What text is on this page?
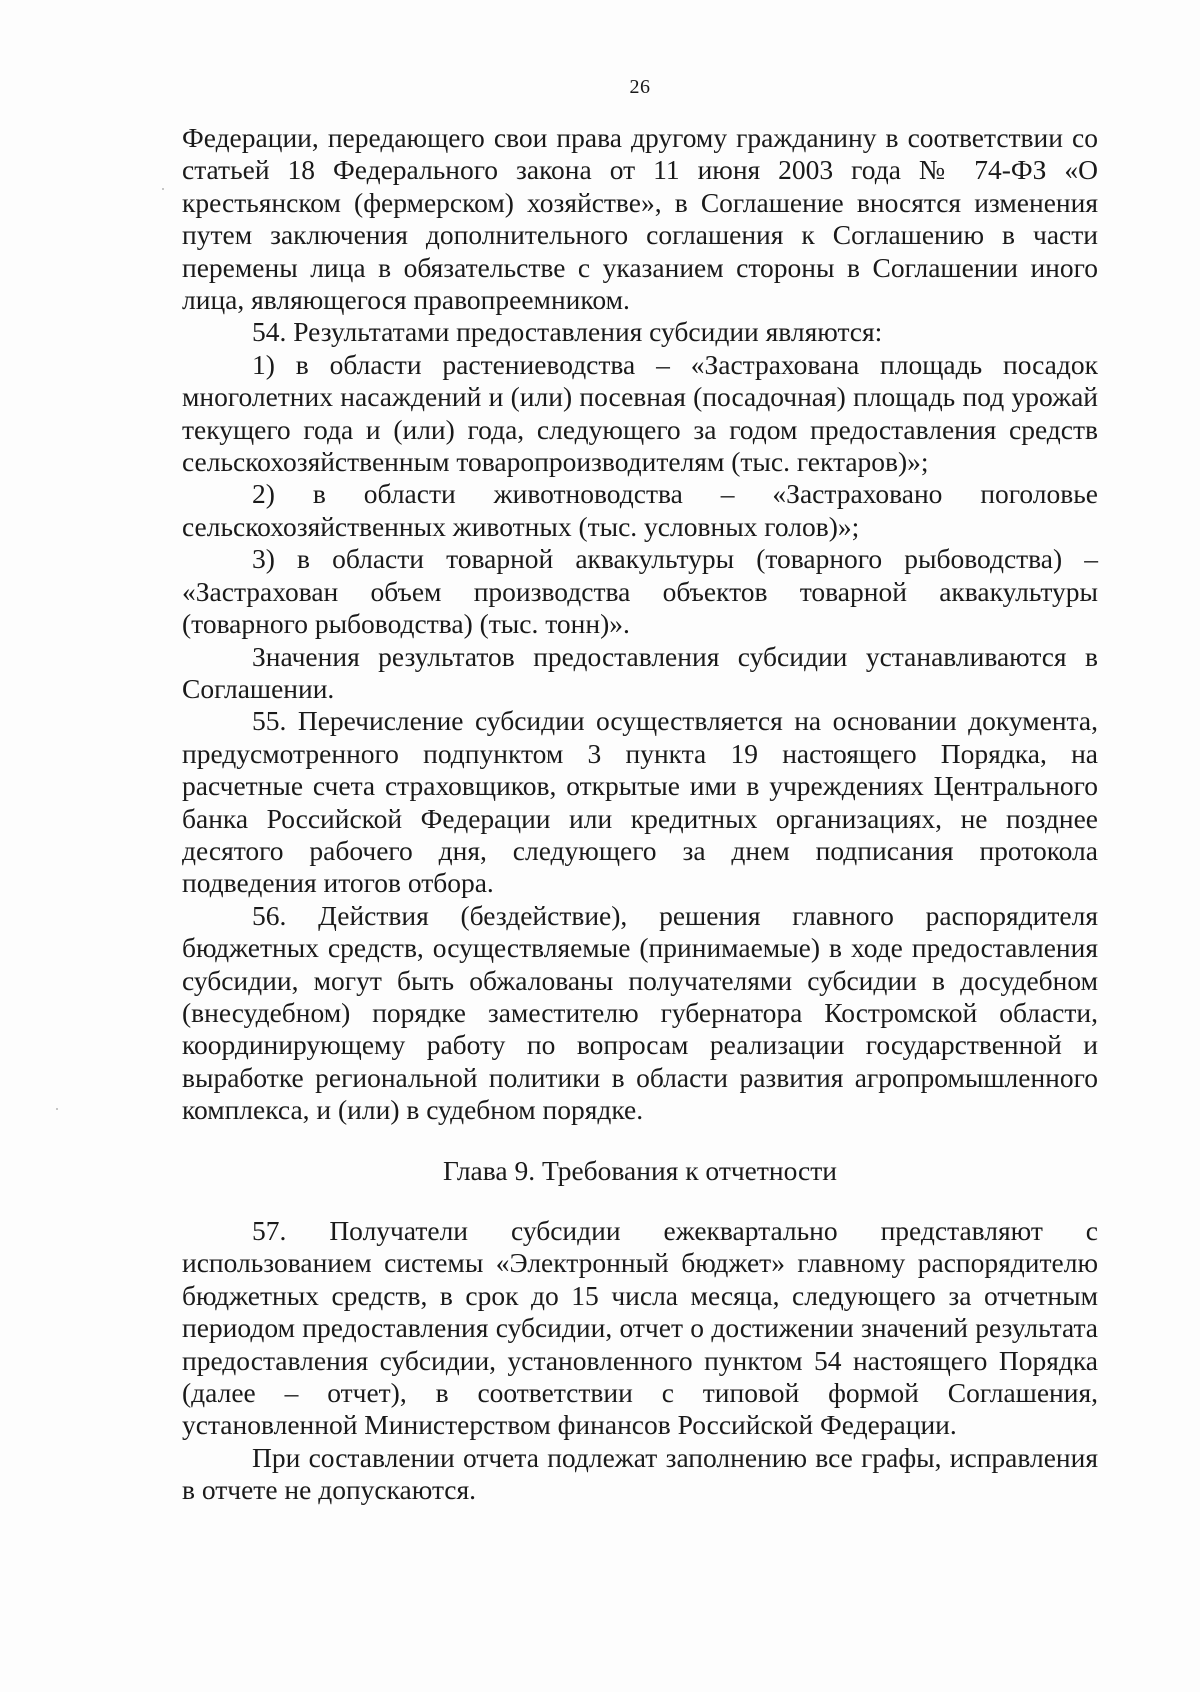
26

Федерации, передающего свои права другому гражданину в соответствии со статьей 18 Федерального закона от 11 июня 2003 года № 74-ФЗ «О крестьянском (фермерском) хозяйстве», в Соглашение вносятся изменения путем заключения дополнительного соглашения к Соглашению в части перемены лица в обязательстве с указанием стороны в Соглашении иного лица, являющегося правопреемником.

54. Результатами предоставления субсидии являются:

1) в области растениеводства – «Застрахована площадь посадок многолетних насаждений и (или) посевная (посадочная) площадь под урожай текущего года и (или) года, следующего за годом предоставления средств сельскохозяйственным товаропроизводителям (тыс. гектаров)»;

2) в области животноводства – «Застраховано поголовье сельскохозяйственных животных (тыс. условных голов)»;

3) в области товарной аквакультуры (товарного рыбоводства) – «Застрахован объем производства объектов товарной аквакультуры (товарного рыбоводства) (тыс. тонн)».

Значения результатов предоставления субсидии устанавливаются в Соглашении.

55. Перечисление субсидии осуществляется на основании документа, предусмотренного подпунктом 3 пункта 19 настоящего Порядка, на расчетные счета страховщиков, открытые ими в учреждениях Центрального банка Российской Федерации или кредитных организациях, не позднее десятого рабочего дня, следующего за днем подписания протокола подведения итогов отбора.

56. Действия (бездействие), решения главного распорядителя бюджетных средств, осуществляемые (принимаемые) в ходе предоставления субсидии, могут быть обжалованы получателями субсидии в досудебном (внесудебном) порядке заместителю губернатора Костромской области, координирующему работу по вопросам реализации государственной и выработке региональной политики в области развития агропромышленного комплекса, и (или) в судебном порядке.

Глава 9. Требования к отчетности

57. Получатели субсидии ежеквартально представляют с использованием системы «Электронный бюджет» главному распорядителю бюджетных средств, в срок до 15 числа месяца, следующего за отчетным периодом предоставления субсидии, отчет о достижении значений результата предоставления субсидии, установленного пунктом 54 настоящего Порядка (далее – отчет), в соответствии с типовой формой Соглашения, установленной Министерством финансов Российской Федерации.

При составлении отчета подлежат заполнению все графы, исправления в отчете не допускаются.
